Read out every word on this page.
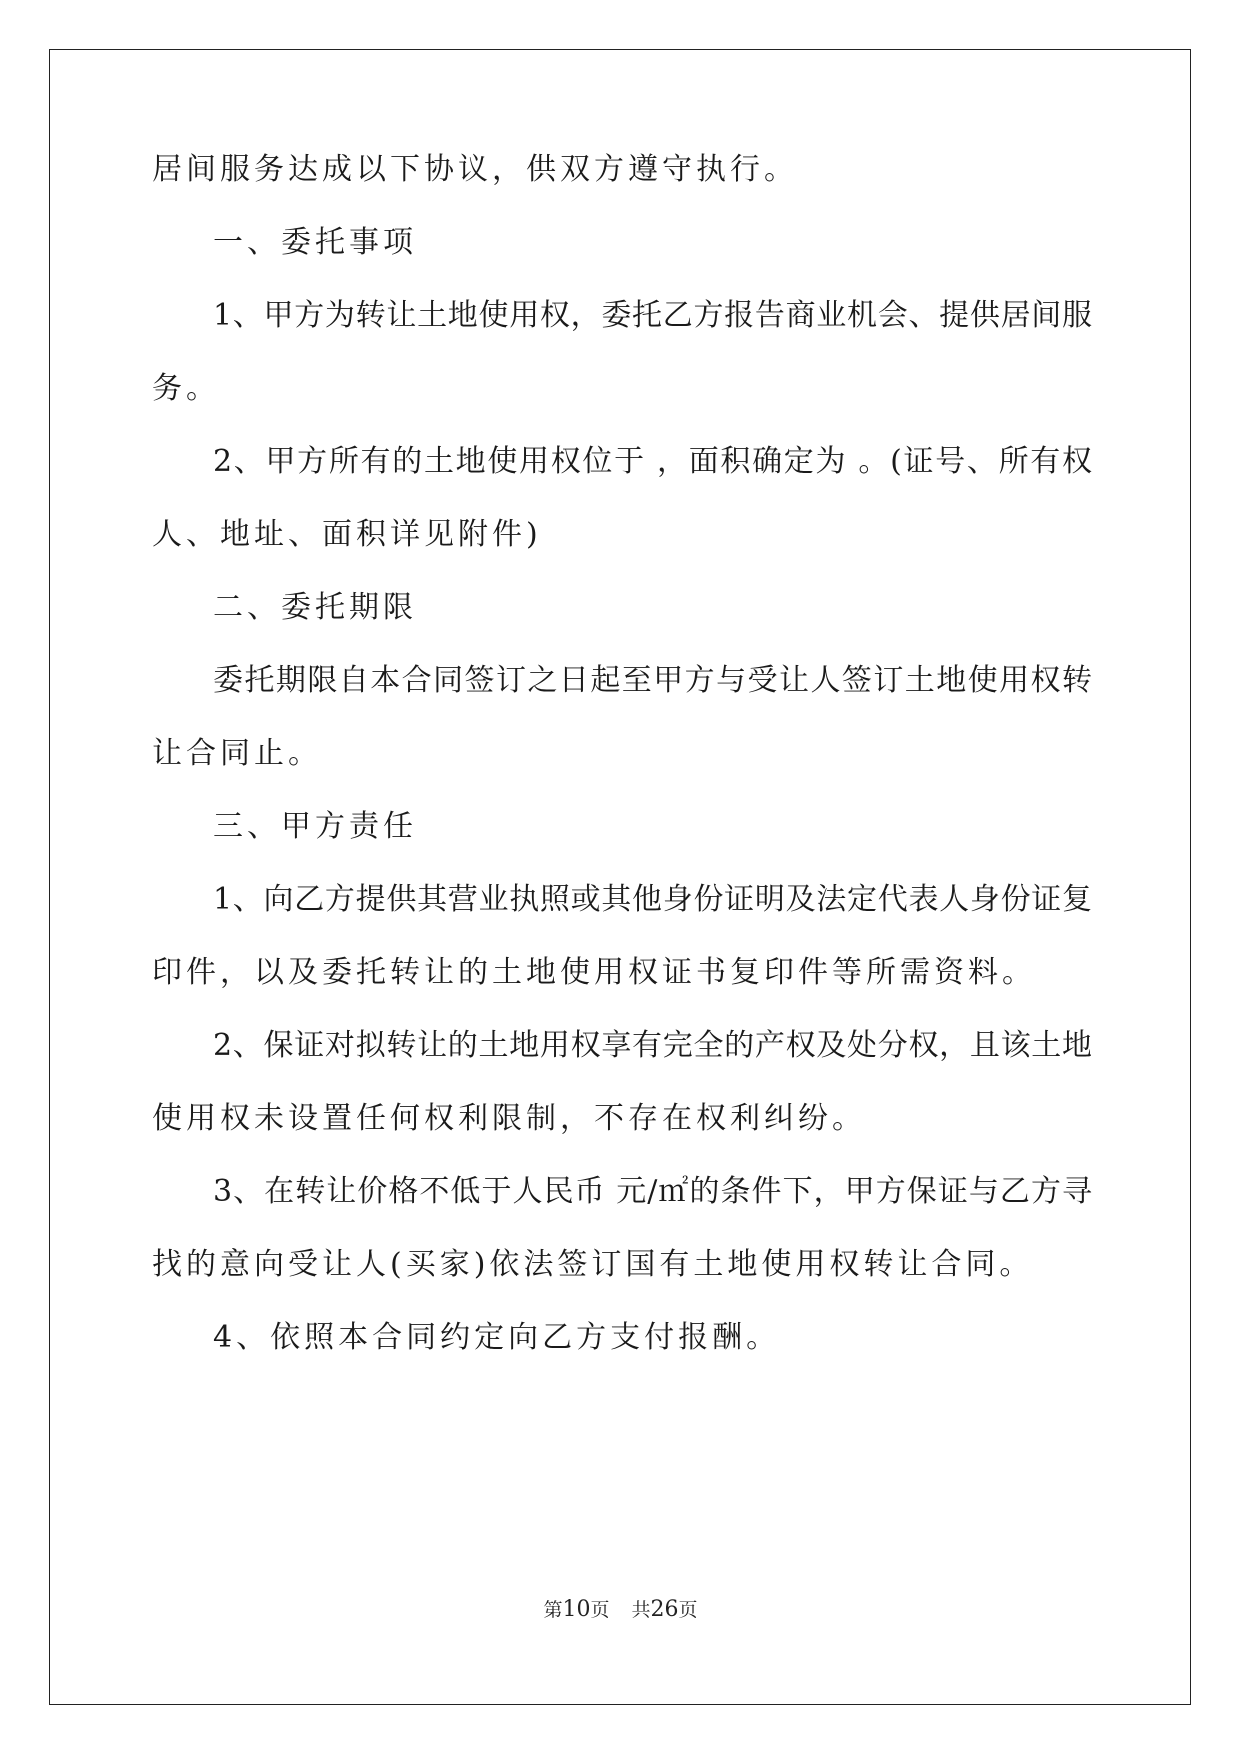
居间服务达成以下协议，供双方遵守执行。
一、委托事项
1、甲方为转让土地使用权，委托乙方报告商业机会、提供居间服
务。
2、甲方所有的土地使用权位于 ，面积确定为 。(证号、所有权
人、地址、面积详见附件)
二、委托期限
委托期限自本合同签订之日起至甲方与受让人签订土地使用权转
让合同止。
三、甲方责任
1、向乙方提供其营业执照或其他身份证明及法定代表人身份证复
印件，以及委托转让的土地使用权证书复印件等所需资料。
2、保证对拟转让的土地用权享有完全的产权及处分权，且该土地
使用权未设置任何权利限制，不存在权利纠纷。
3、在转让价格不低于人民币 元/㎡的条件下，甲方保证与乙方寻
找的意向受让人(买家)依法签订国有土地使用权转让合同。
4、依照本合同约定向乙方支付报酬。
第10页 共26页
